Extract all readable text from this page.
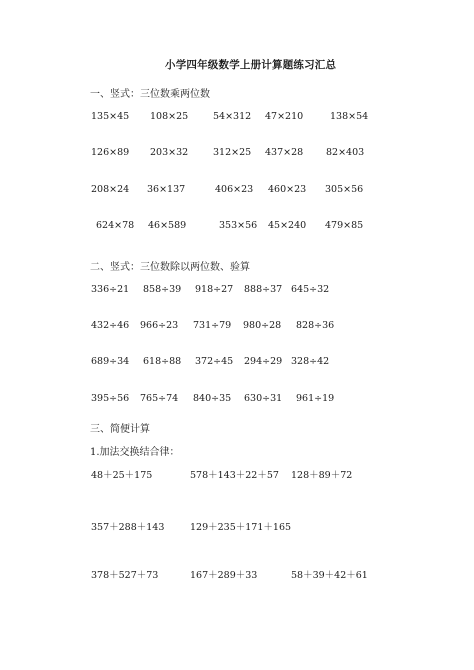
小学四年级数学上册计算题练习汇总
一、竖式：三位数乘两位数
135×45 108×25	54×312 47×210	138×54
126×89 203×32	312×25 437×28 82×403
208×24 36×137	406×23 460×23 305×56
624×78 46×589	353×56 45×240 479×85
二、竖式：三位数除以两位数、验算
336÷21 858÷39 918÷27 888÷37 645÷32
432÷46 966÷23 731÷79 980÷28 828÷36
689÷34 618÷88 372÷45 294÷29 328÷42
395÷56 765÷74 840÷35 630÷31 961÷19
三、简便计算
1.加法交换结合律：
48＋25＋175	578＋143＋22＋57 128＋89＋72
357＋288＋143	129＋235＋171＋165
378＋527＋73	167＋289＋33	58＋39＋42＋61
